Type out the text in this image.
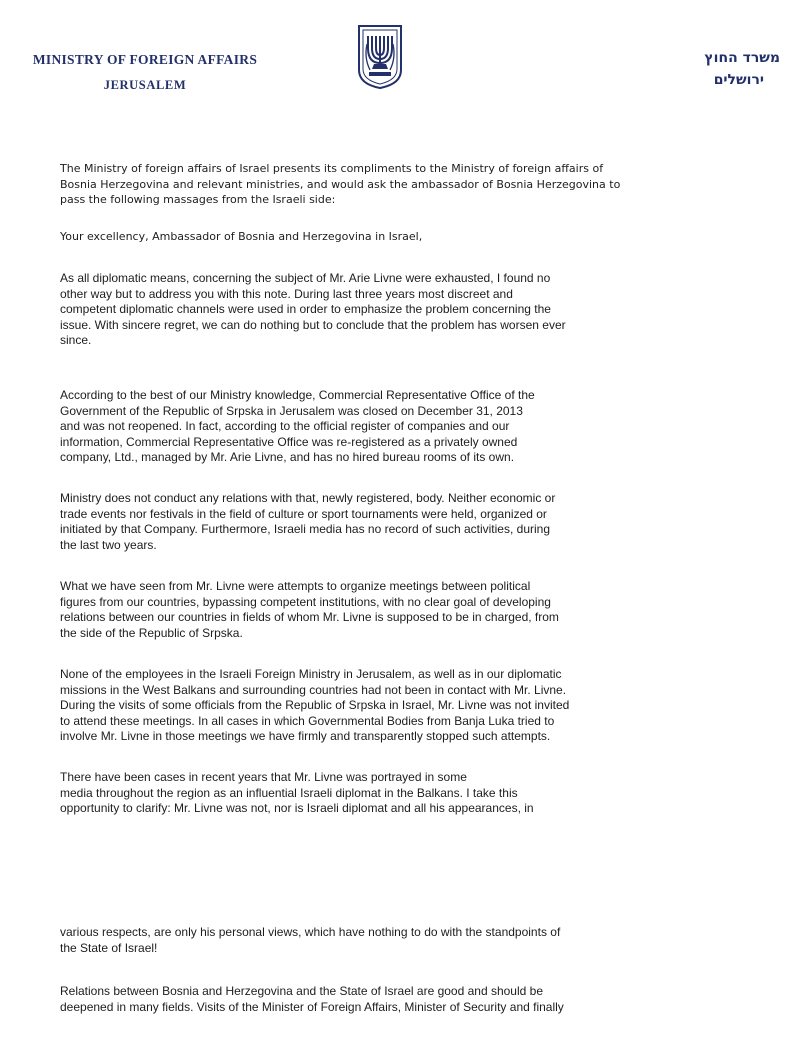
MINISTRY OF FOREIGN AFFAIRS
JERUSALEM
משרד החוץ
ירושלים

The Ministry of foreign affairs of Israel presents its compliments to the Ministry of foreign affairs of
Bosnia Herzegovina and relevant ministries, and would ask the ambassador of Bosnia Herzegovina to
pass the following massages from the Israeli side:

Your excellency, Ambassador of Bosnia and Herzegovina in Israel,

As all diplomatic means, concerning the subject of Mr. Arie Livne were exhausted, I found no
other way but to address you with this note. During last three years most discreet and
competent diplomatic channels were used in order to emphasize the problem concerning the
issue. With sincere regret, we can do nothing but to conclude that the problem has worsen ever
since.

According to the best of our Ministry knowledge, Commercial Representative Office of the
Government of the Republic of Srpska in Jerusalem was closed on December 31, 2013
and was not reopened. In fact, according to the official register of companies and our
information, Commercial Representative Office was re-registered as a privately owned
company, Ltd., managed by Mr. Arie Livne, and has no hired bureau rooms of its own.

Ministry does not conduct any relations with that, newly registered, body. Neither economic or
trade events nor festivals in the field of culture or sport tournaments were held, organized or
initiated by that Company. Furthermore, Israeli media has no record of such activities, during
the last two years.

What we have seen from Mr. Livne were attempts to organize meetings between political
figures from our countries, bypassing competent institutions, with no clear goal of developing
relations between our countries in fields of whom Mr. Livne is supposed to be in charged, from
the side of the Republic of Srpska.

None of the employees in the Israeli Foreign Ministry in Jerusalem, as well as in our diplomatic
missions in the West Balkans and surrounding countries had not been in contact with Mr. Livne.
During the visits of some officials from the Republic of Srpska in Israel, Mr. Livne was not invited
to attend these meetings. In all cases in which Governmental Bodies from Banja Luka tried to
involve Mr. Livne in those meetings we have firmly and transparently stopped such attempts.

There have been cases in recent years that Mr. Livne was portrayed in some
media throughout the region as an influential Israeli diplomat in the Balkans. I take this
opportunity to clarify: Mr. Livne was not, nor is Israeli diplomat and all his appearances, in

various respects, are only his personal views, which have nothing to do with the standpoints of
the State of Israel!

Relations between Bosnia and Herzegovina and the State of Israel are good and should be
deepened in many fields. Visits of the Minister of Foreign Affairs, Minister of Security and finally
